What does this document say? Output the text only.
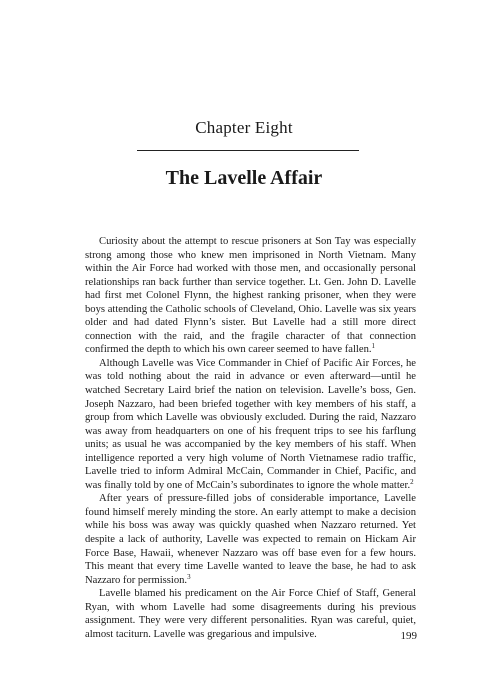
Chapter Eight
The Lavelle Affair

Curiosity about the attempt to rescue prisoners at Son Tay was especially strong among those who knew men imprisoned in North Vietnam. Many within the Air Force had worked with those men, and occasionally personal relationships ran back further than service together. Lt. Gen. John D. Lavelle had first met Colonel Flynn, the highest ranking prisoner, when they were boys attending the Catholic schools of Cleveland, Ohio. Lavelle was six years older and had dated Flynn’s sister. But Lavelle had a still more direct connection with the raid, and the fragile character of that connection confirmed the depth to which his own career seemed to have fallen.$^1$

Although Lavelle was Vice Commander in Chief of Pacific Air Forces, he was told nothing about the raid in advance or even afterward—until he watched Secretary Laird brief the nation on television. Lavelle’s boss, Gen. Joseph Nazzaro, had been briefed together with key members of his staff, a group from which Lavelle was obviously excluded. During the raid, Nazzaro was away from headquarters on one of his frequent trips to see his farflung units; as usual he was accompanied by the key members of his staff. When intelligence reported a very high volume of North Vietnamese radio traffic, Lavelle tried to inform Admiral McCain, Commander in Chief, Pacific, and was finally told by one of McCain’s subordinates to ignore the whole matter.$^2$

After years of pressure-filled jobs of considerable importance, Lavelle found himself merely minding the store. An early attempt to make a decision while his boss was away was quickly quashed when Nazzaro returned. Yet despite a lack of authority, Lavelle was expected to remain on Hickam Air Force Base, Hawaii, whenever Nazzaro was off base even for a few hours. This meant that every time Lavelle wanted to leave the base, he had to ask Nazzaro for permission.$^3$

Lavelle blamed his predicament on the Air Force Chief of Staff, General Ryan, with whom Lavelle had some disagreements during his previous assignment. They were very different personalities. Ryan was careful, quiet, almost taciturn. Lavelle was gregarious and impulsive.	199
